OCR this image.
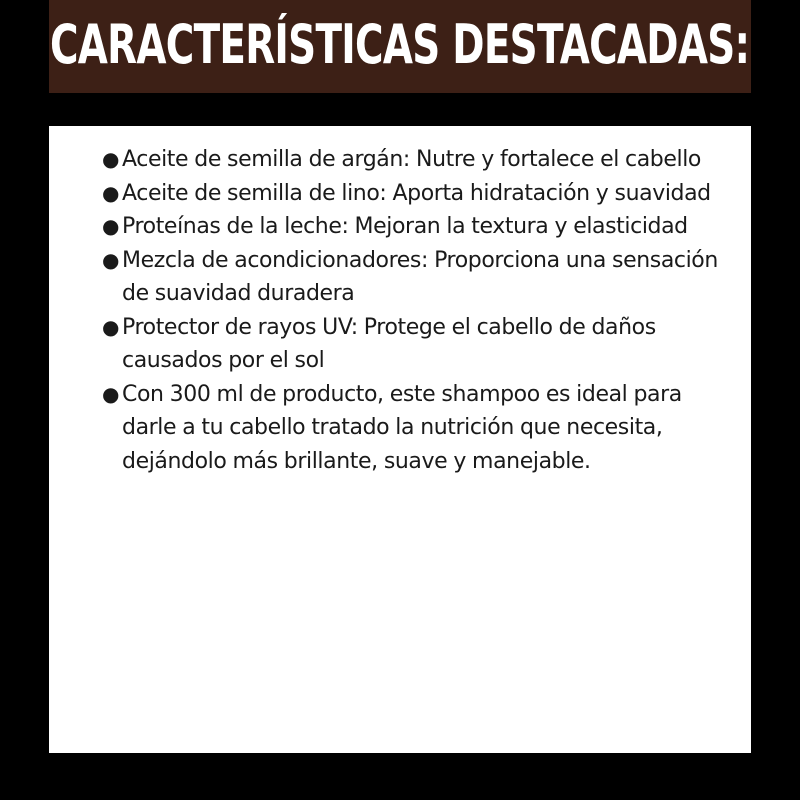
CARACTERÍSTICAS DESTACADAS:
● Aceite de semilla de argán: Nutre y fortalece el cabello
● Aceite de semilla de lino: Aporta hidratación y suavidad
● Proteínas de la leche: Mejoran la textura y elasticidad
● Mezcla de acondicionadores: Proporciona una sensación de suavidad duradera
● Protector de rayos UV: Protege el cabello de daños causados por el sol
● Con 300 ml de producto, este shampoo es ideal para darle a tu cabello tratado la nutrición que necesita, dejándolo más brillante, suave y manejable.
